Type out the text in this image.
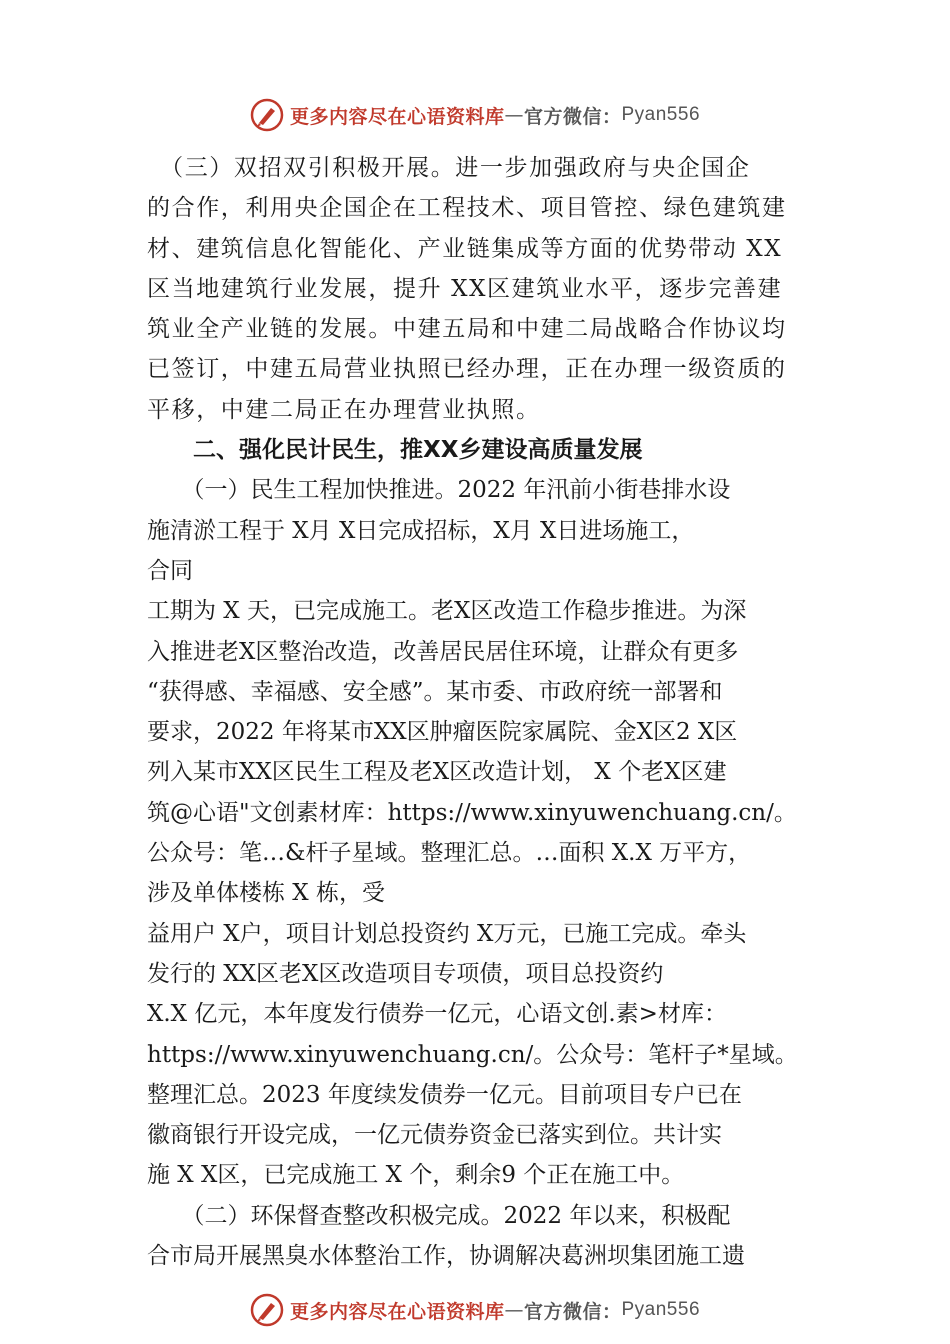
更多内容尽在心语资料库 — 官方微信： Pyan556

　（三）双招双引积极开展。进一步加强政府与央企国企

的合作，利用央企国企在工程技术、项目管控、绿色建筑建

材、建筑信息化智能化、产业链集成等方面的优势带动 XX

区当地建筑行业发展，提升 XX区建筑业水平，逐步完善建

筑业全产业链的发展。中建五局和中建二局战略合作协议均

已签订，中建五局营业执照已经办理，正在办理一级资质的

平移，中建二局正在办理营业执照。

　　二、强化民计民生，推XX乡建设高质量发展

　　（一）民生工程加快推进。2022 年汛前小街巷排水设

施清淤工程于 X月 X日完成招标，X月 X日进场施工，

合同

工期为 X 天，已完成施工。老X区改造工作稳步推进。为深

入推进老X区整治改造，改善居民居住环境，让群众有更多

“获得感、幸福感、安全感”。某市委、市政府统一部署和

要求，2022 年将某市XX区肿瘤医院家属院、金X区2 X区

列入某市XX区民生工程及老X区改造计划， X 个老X区建

筑@心语"文创素材库：https://www.xinyuwenchuang.cn/。

公众号：笔…&杆子星域。整理汇总。…面积 X.X 万平方，

涉及单体楼栋 X 栋，受

益用户 X户，项目计划总投资约 X万元，已施工完成。牵头

发行的 XX区老X区改造项目专项债，项目总投资约

X.X 亿元，本年度发行债券一亿元，心语文创.素>材库：

https://www.xinyuwenchuang.cn/。公众号：笔杆子*星域。

整理汇总。2023 年度续发债券一亿元。目前项目专户已在

徽商银行开设完成，一亿元债券资金已落实到位。共计实

施 X X区，已完成施工 X 个，剩余9 个正在施工中。

　　（二）环保督查整改积极完成。2022 年以来，积极配

合市局开展黑臭水体整治工作，协调解决葛洲坝集团施工遗

更多内容尽在心语资料库 — 官方微信： Pyan556
